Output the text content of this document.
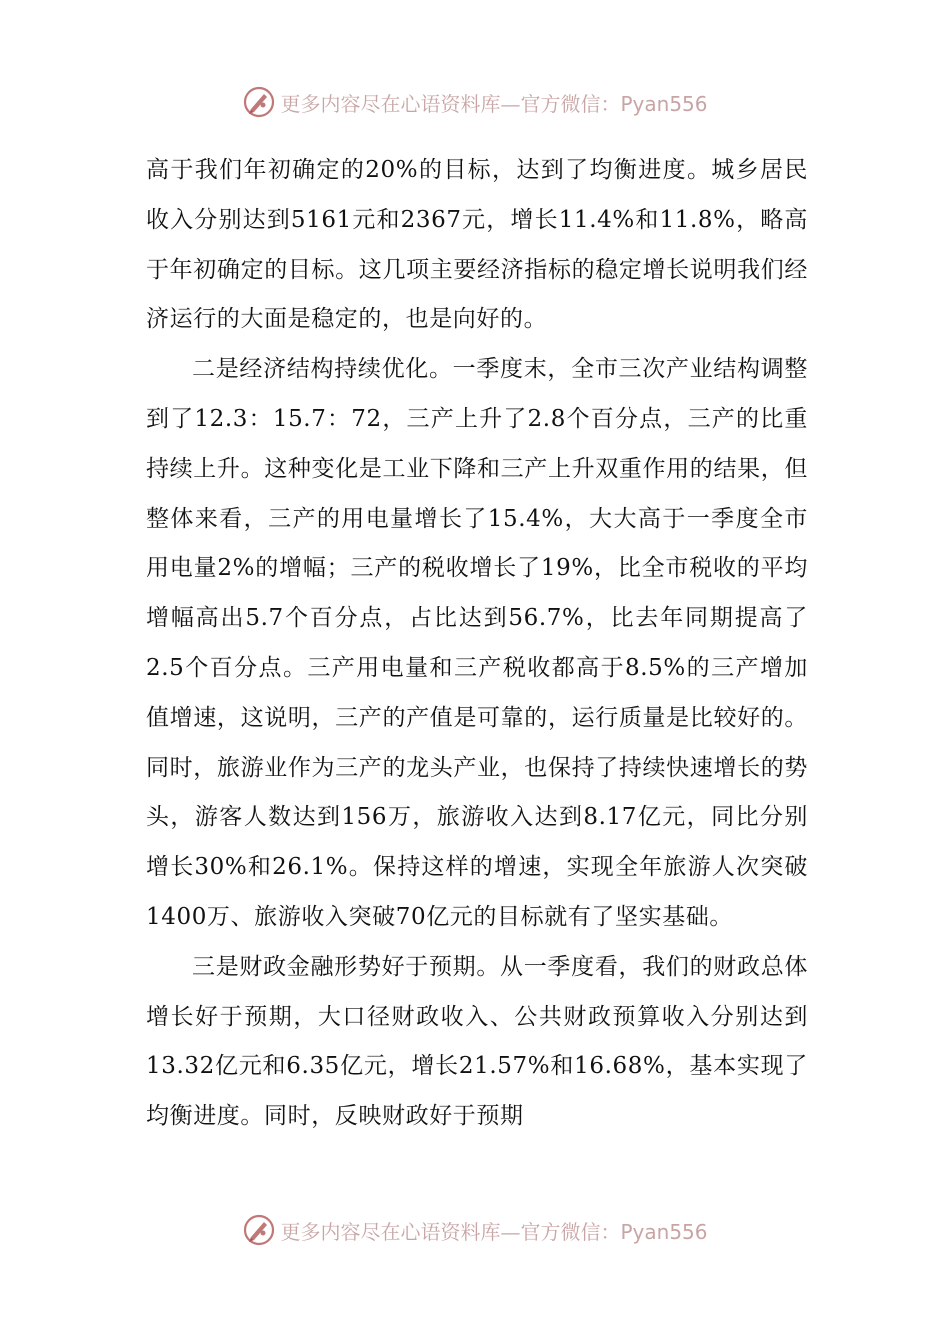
更多内容尽在心语资料库—官方微信：Pyan556

高于我们年初确定的20%的目标，达到了均衡进度。城乡居民收入分别达到5161元和2367元，增长11.4%和11.8%，略高于年初确定的目标。这几项主要经济指标的稳定增长说明我们经济运行的大面是稳定的，也是向好的。

二是经济结构持续优化。一季度末，全市三次产业结构调整到了12.3：15.7：72，三产上升了2.8个百分点，三产的比重持续上升。这种变化是工业下降和三产上升双重作用的结果，但整体来看，三产的用电量增长了15.4%，大大高于一季度全市用电量2%的增幅；三产的税收增长了19%，比全市税收的平均增幅高出5.7个百分点，占比达到56.7%，比去年同期提高了2.5个百分点。三产用电量和三产税收都高于8.5%的三产增加值增速，这说明，三产的产值是可靠的，运行质量是比较好的。同时，旅游业作为三产的龙头产业，也保持了持续快速增长的势头，游客人数达到156万，旅游收入达到8.17亿元，同比分别增长30%和26.1%。保持这样的增速，实现全年旅游人次突破1400万、旅游收入突破70亿元的目标就有了坚实基础。

三是财政金融形势好于预期。从一季度看，我们的财政总体增长好于预期，大口径财政收入、公共财政预算收入分别达到13.32亿元和6.35亿元，增长21.57%和16.68%，基本实现了均衡进度。同时，反映财政好于预期

更多内容尽在心语资料库—官方微信：Pyan556
